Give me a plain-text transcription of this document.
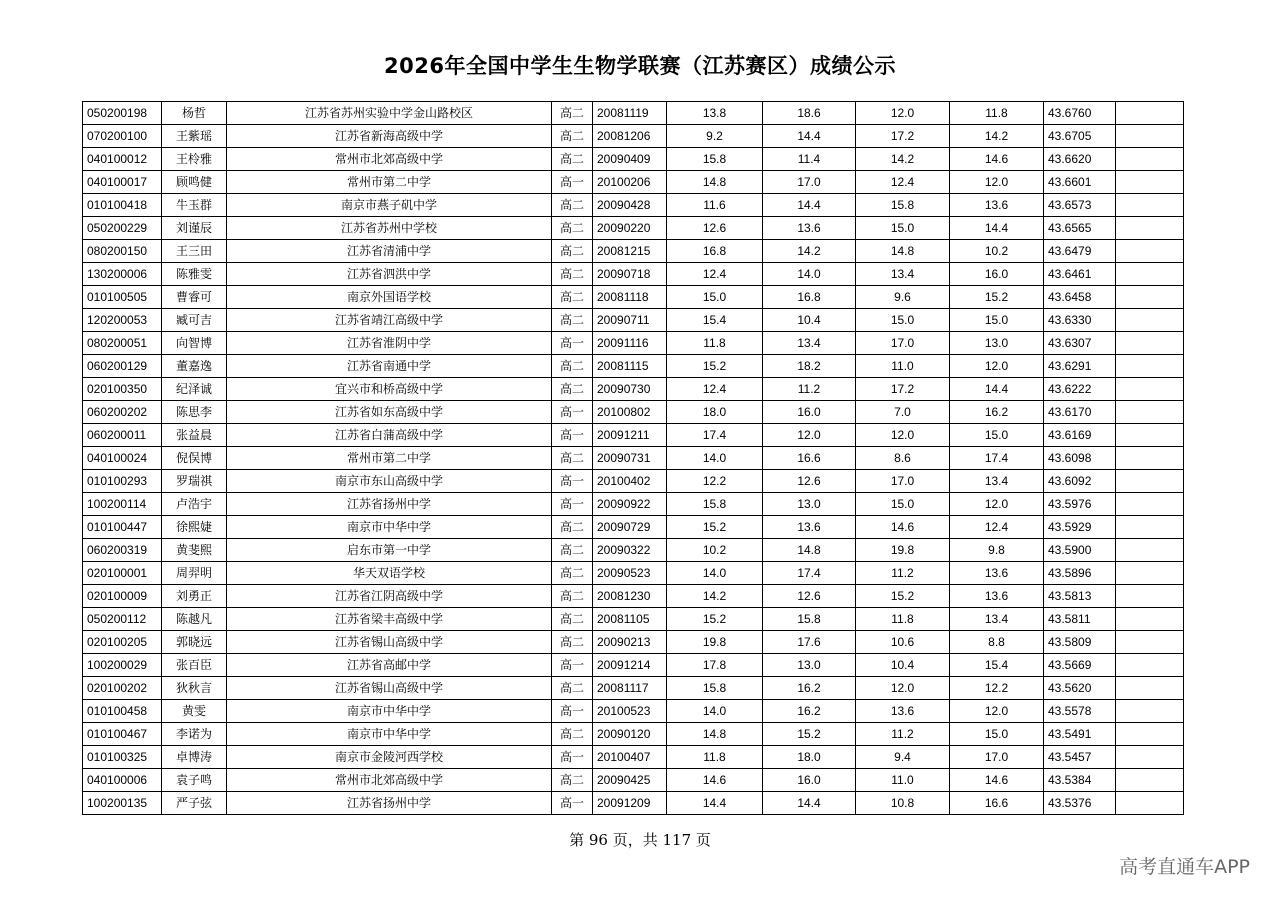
2026年全国中学生生物学联赛（江苏赛区）成绩公示
050200198	杨哲	江苏省苏州实验中学金山路校区	高二	20081119	13.8	18.6	12.0	11.8	43.6760	
070200100	王紫瑶	江苏省新海高级中学	高二	20081206	9.2	14.4	17.2	14.2	43.6705	
040100012	王柃雅	常州市北郊高级中学	高二	20090409	15.8	11.4	14.2	14.6	43.6620	
040100017	顾鸣健	常州市第二中学	高一	20100206	14.8	17.0	12.4	12.0	43.6601	
010100418	牛玉群	南京市燕子矶中学	高二	20090428	11.6	14.4	15.8	13.6	43.6573	
050200229	刘谨辰	江苏省苏州中学校	高二	20090220	12.6	13.6	15.0	14.4	43.6565	
080200150	王三田	江苏省清浦中学	高二	20081215	16.8	14.2	14.8	10.2	43.6479	
130200006	陈雅雯	江苏省泗洪中学	高二	20090718	12.4	14.0	13.4	16.0	43.6461	
010100505	曹睿可	南京外国语学校	高二	20081118	15.0	16.8	9.6	15.2	43.6458	
120200053	臧可吉	江苏省靖江高级中学	高二	20090711	15.4	10.4	15.0	15.0	43.6330	
080200051	向智博	江苏省淮阴中学	高一	20091116	11.8	13.4	17.0	13.0	43.6307	
060200129	董嘉逸	江苏省南通中学	高二	20081115	15.2	18.2	11.0	12.0	43.6291	
020100350	纪泽诚	宜兴市和桥高级中学	高二	20090730	12.4	11.2	17.2	14.4	43.6222	
060200202	陈思李	江苏省如东高级中学	高一	20100802	18.0	16.0	7.0	16.2	43.6170	
060200011	张益晨	江苏省白蒲高级中学	高一	20091211	17.4	12.0	12.0	15.0	43.6169	
040100024	倪俣博	常州市第二中学	高二	20090731	14.0	16.6	8.6	17.4	43.6098	
010100293	罗瑞祺	南京市东山高级中学	高一	20100402	12.2	12.6	17.0	13.4	43.6092	
100200114	卢浩宇	江苏省扬州中学	高一	20090922	15.8	13.0	15.0	12.0	43.5976	
010100447	徐熙婕	南京市中华中学	高二	20090729	15.2	13.6	14.6	12.4	43.5929	
060200319	黄斐熙	启东市第一中学	高二	20090322	10.2	14.8	19.8	9.8	43.5900	
020100001	周羿明	华天双语学校	高二	20090523	14.0	17.4	11.2	13.6	43.5896	
020100009	刘勇正	江苏省江阴高级中学	高二	20081230	14.2	12.6	15.2	13.6	43.5813	
050200112	陈越凡	江苏省梁丰高级中学	高二	20081105	15.2	15.8	11.8	13.4	43.5811	
020100205	郭晓远	江苏省锡山高级中学	高二	20090213	19.8	17.6	10.6	8.8	43.5809	
100200029	张百臣	江苏省高邮中学	高一	20091214	17.8	13.0	10.4	15.4	43.5669	
020100202	狄秋言	江苏省锡山高级中学	高二	20081117	15.8	16.2	12.0	12.2	43.5620	
010100458	黄雯	南京市中华中学	高一	20100523	14.0	16.2	13.6	12.0	43.5578	
010100467	李诺为	南京市中华中学	高二	20090120	14.8	15.2	11.2	15.0	43.5491	
010100325	卓博涛	南京市金陵河西学校	高一	20100407	11.8	18.0	9.4	17.0	43.5457	
040100006	袁子鸣	常州市北郊高级中学	高二	20090425	14.6	16.0	11.0	14.6	43.5384	
100200135	严子弦	江苏省扬州中学	高一	20091209	14.4	14.4	10.8	16.6	43.5376	
第 96 页，共 117 页
高考直通车APP
